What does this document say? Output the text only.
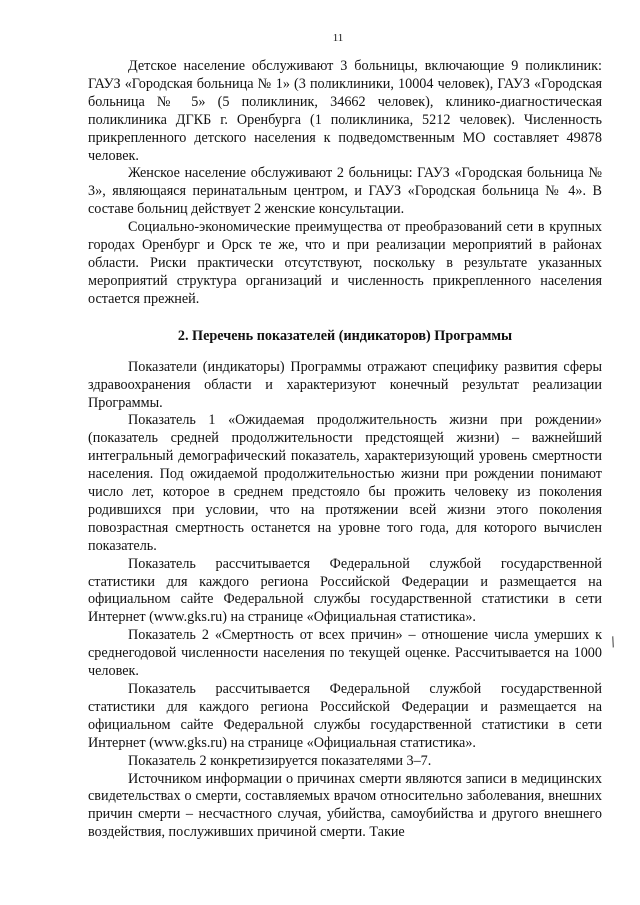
11

Детское население обслуживают 3 больницы, включающие 9 поликлиник: ГАУЗ «Городская больница № 1» (3 поликлиники, 10004 человек), ГАУЗ «Городская больница № 5» (5 поликлиник, 34662 человек), клинико-диагностическая поликлиника ДГКБ г. Оренбурга (1 поликлиника, 5212 человек). Численность прикрепленного детского населения к подведомственным МО составляет 49878 человек.

Женское население обслуживают 2 больницы: ГАУЗ «Городская больница № 3», являющаяся перинатальным центром, и ГАУЗ «Городская больница № 4». В составе больниц действует 2 женские консультации.

Социально-экономические преимущества от преобразований сети в крупных городах Оренбург и Орск те же, что и при реализации мероприятий в районах области. Риски практически отсутствуют, поскольку в результате указанных мероприятий структура организаций и численность прикрепленного населения остается прежней.

2. Перечень показателей (индикаторов) Программы

Показатели (индикаторы) Программы отражают специфику развития сферы здравоохранения области и характеризуют конечный результат реализации Программы.

Показатель 1 «Ожидаемая продолжительность жизни при рождении» (показатель средней продолжительности предстоящей жизни) – важнейший интегральный демографический показатель, характеризующий уровень смертности населения. Под ожидаемой продолжительностью жизни при рождении понимают число лет, которое в среднем предстояло бы прожить человеку из поколения родившихся при условии, что на протяжении всей жизни этого поколения повозрастная смертность останется на уровне того года, для которого вычислен показатель.

Показатель рассчитывается Федеральной службой государственной статистики для каждого региона Российской Федерации и размещается на официальном сайте Федеральной службы государственной статистики в сети Интернет (www.gks.ru) на странице «Официальная статистика».

Показатель 2 «Смертность от всех причин» – отношение числа умерших к среднегодовой численности населения по текущей оценке. Рассчитывается на 1000 человек.

Показатель рассчитывается Федеральной службой государственной статистики для каждого региона Российской Федерации и размещается на официальном сайте Федеральной службы государственной статистики в сети Интернет (www.gks.ru) на странице «Официальная статистика».

Показатель 2 конкретизируется показателями 3–7.

Источником информации о причинах смерти являются записи в медицинских свидетельствах о смерти, составляемых врачом относительно заболевания, внешних причин смерти – несчастного случая, убийства, самоубийства и другого внешнего воздействия, послуживших причиной смерти. Такие

/
